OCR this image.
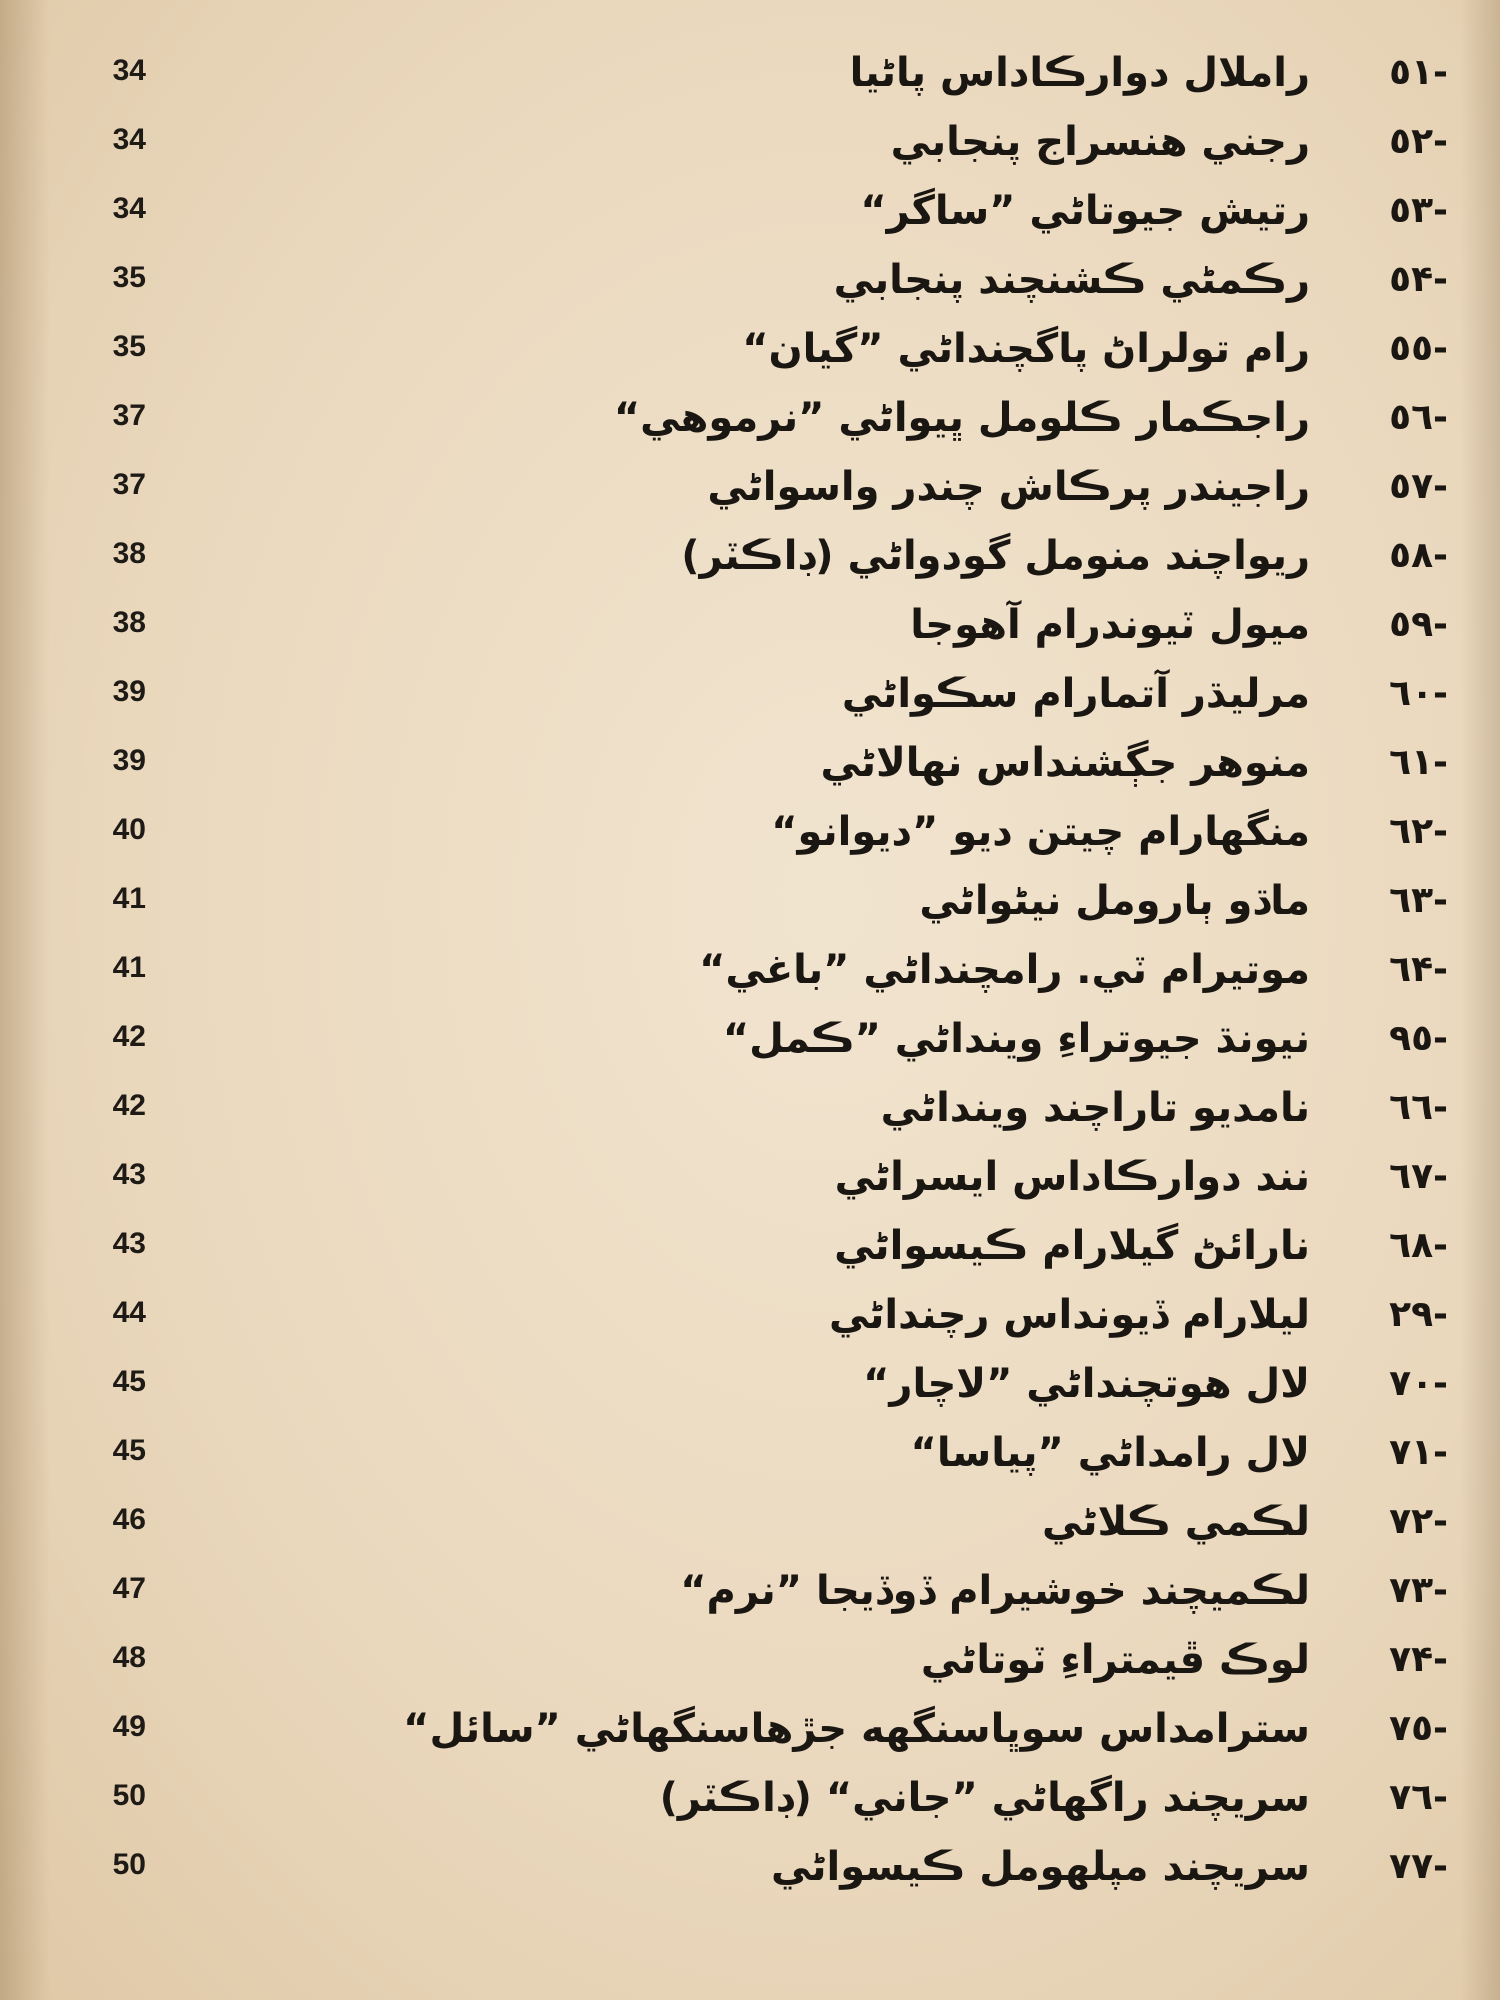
34	راملال دوارڪاداس پاڻيا -٥١
34	رجني هنسراج پنجابي -٥٢
34	رتيش جيوتاڻي ”ساگر“ -٥٣
35	رڪمڻي ڪشنچند پنجابي -٥۴
35	رام تولراڻ پاگچنداڻي ”گيان“ -٥٥
37	راجڪمار ڪلومل ڀيواڻي ”نرموهي“ -٥٦
37	راجيندر پرڪاش چندر واسواڻي -٥٧
38	ريواچند منومل گودواڻي (ڊاڪٽر) -٥٨
38	ميول ٽيوندرام آهوجا -٥٩
39	مرليڌر آتمارام سڪواڻي -٦٠
39	منوهر جڳشنداس نهالاڻي -٦١
40	منگهارام چيتن ديو ”ديوانو“ -٦٢
41	ماڌو ٻارومل نيڻواڻي -٦٣
41	موتيرام ٽي. رامچنداڻي ”باغي“ -٦۴
42	نيونڌ جيوتراءِ وينداڻي ”ڪمل“ -٩٥
42	نامديو تاراچند وينداڻي -٦٦
43	نند دوارڪاداس ايسراڻي -٦٧
43	نارائڻ گيلارام ڪيسواڻي -٦٨
44	ليلارام ڏيونداس رچنداڻي -٢٩
45	لال هوتچنداڻي ”لاچار“ -٧٠
45	لال رامداڻي ”پياسا“ -٧١
46	لڪمي ڪلاڻي -٧٢
47	لڪميچند خوشيرام ڏوڏيجا ”نرم“ -٧٣
48	لوڪ ڦيمتراءِ ٽوتاڻي -٧۴
49	سترامداس سوڀاسنگهه جڙهاسنگهاڻي ”سائل“ -٧٥
50	سريچند راگهاڻي ”جاني“ (ڊاڪٽر) -٧٦
50	سريچند مپلهومل ڪيسواڻي -٧٧
